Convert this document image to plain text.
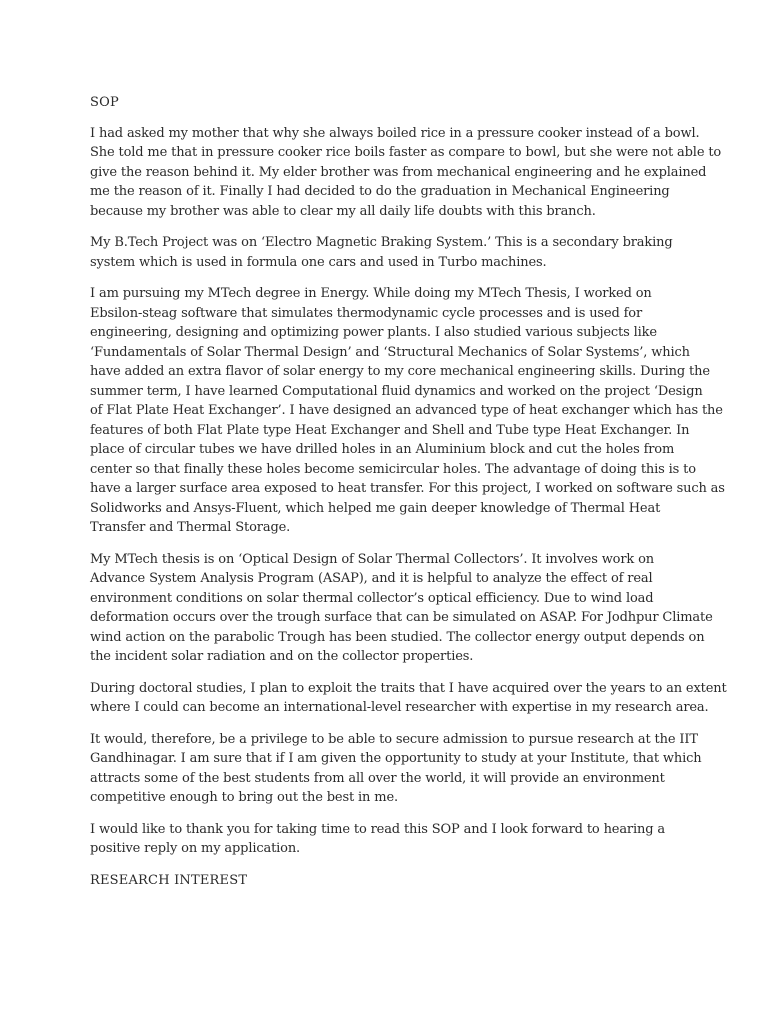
SOP
I had asked my mother that why she always boiled rice in a pressure cooker instead of a bowl.
She told me that in pressure cooker rice boils faster as compare to bowl, but she were not able to
give the reason behind it. My elder brother was from mechanical engineering and he explained
me the reason of it. Finally I had decided to do the graduation in Mechanical Engineering
because my brother was able to clear my all daily life doubts with this branch.
My B.Tech Project was on ‘Electro Magnetic Braking System.’ This is a secondary braking
system which is used in formula one cars and used in Turbo machines.
I am pursuing my MTech degree in Energy. While doing my MTech Thesis, I worked on
Ebsilon-steag software that simulates thermodynamic cycle processes and is used for
engineering, designing and optimizing power plants. I also studied various subjects like
‘Fundamentals of Solar Thermal Design’ and ‘Structural Mechanics of Solar Systems’, which
have added an extra flavor of solar energy to my core mechanical engineering skills. During the
summer term, I have learned Computational fluid dynamics and worked on the project ‘Design
of Flat Plate Heat Exchanger’. I have designed an advanced type of heat exchanger which has the
features of both Flat Plate type Heat Exchanger and Shell and Tube type Heat Exchanger. In
place of circular tubes we have drilled holes in an Aluminium block and cut the holes from
center so that finally these holes become semicircular holes. The advantage of doing this is to
have a larger surface area exposed to heat transfer. For this project, I worked on software such as
Solidworks and Ansys-Fluent, which helped me gain deeper knowledge of Thermal Heat
Transfer and Thermal Storage.
My MTech thesis is on ‘Optical Design of Solar Thermal Collectors’. It involves work on
Advance System Analysis Program (ASAP), and it is helpful to analyze the effect of real
environment conditions on solar thermal collector’s optical efficiency. Due to wind load
deformation occurs over the trough surface that can be simulated on ASAP. For Jodhpur Climate
wind action on the parabolic Trough has been studied. The collector energy output depends on
the incident solar radiation and on the collector properties.
During doctoral studies, I plan to exploit the traits that I have acquired over the years to an extent
where I could can become an international-level researcher with expertise in my research area.
It would, therefore, be a privilege to be able to secure admission to pursue research at the IIT
Gandhinagar. I am sure that if I am given the opportunity to study at your Institute, that which
attracts some of the best students from all over the world, it will provide an environment
competitive enough to bring out the best in me.
I would like to thank you for taking time to read this SOP and I look forward to hearing a
positive reply on my application.
RESEARCH INTEREST
